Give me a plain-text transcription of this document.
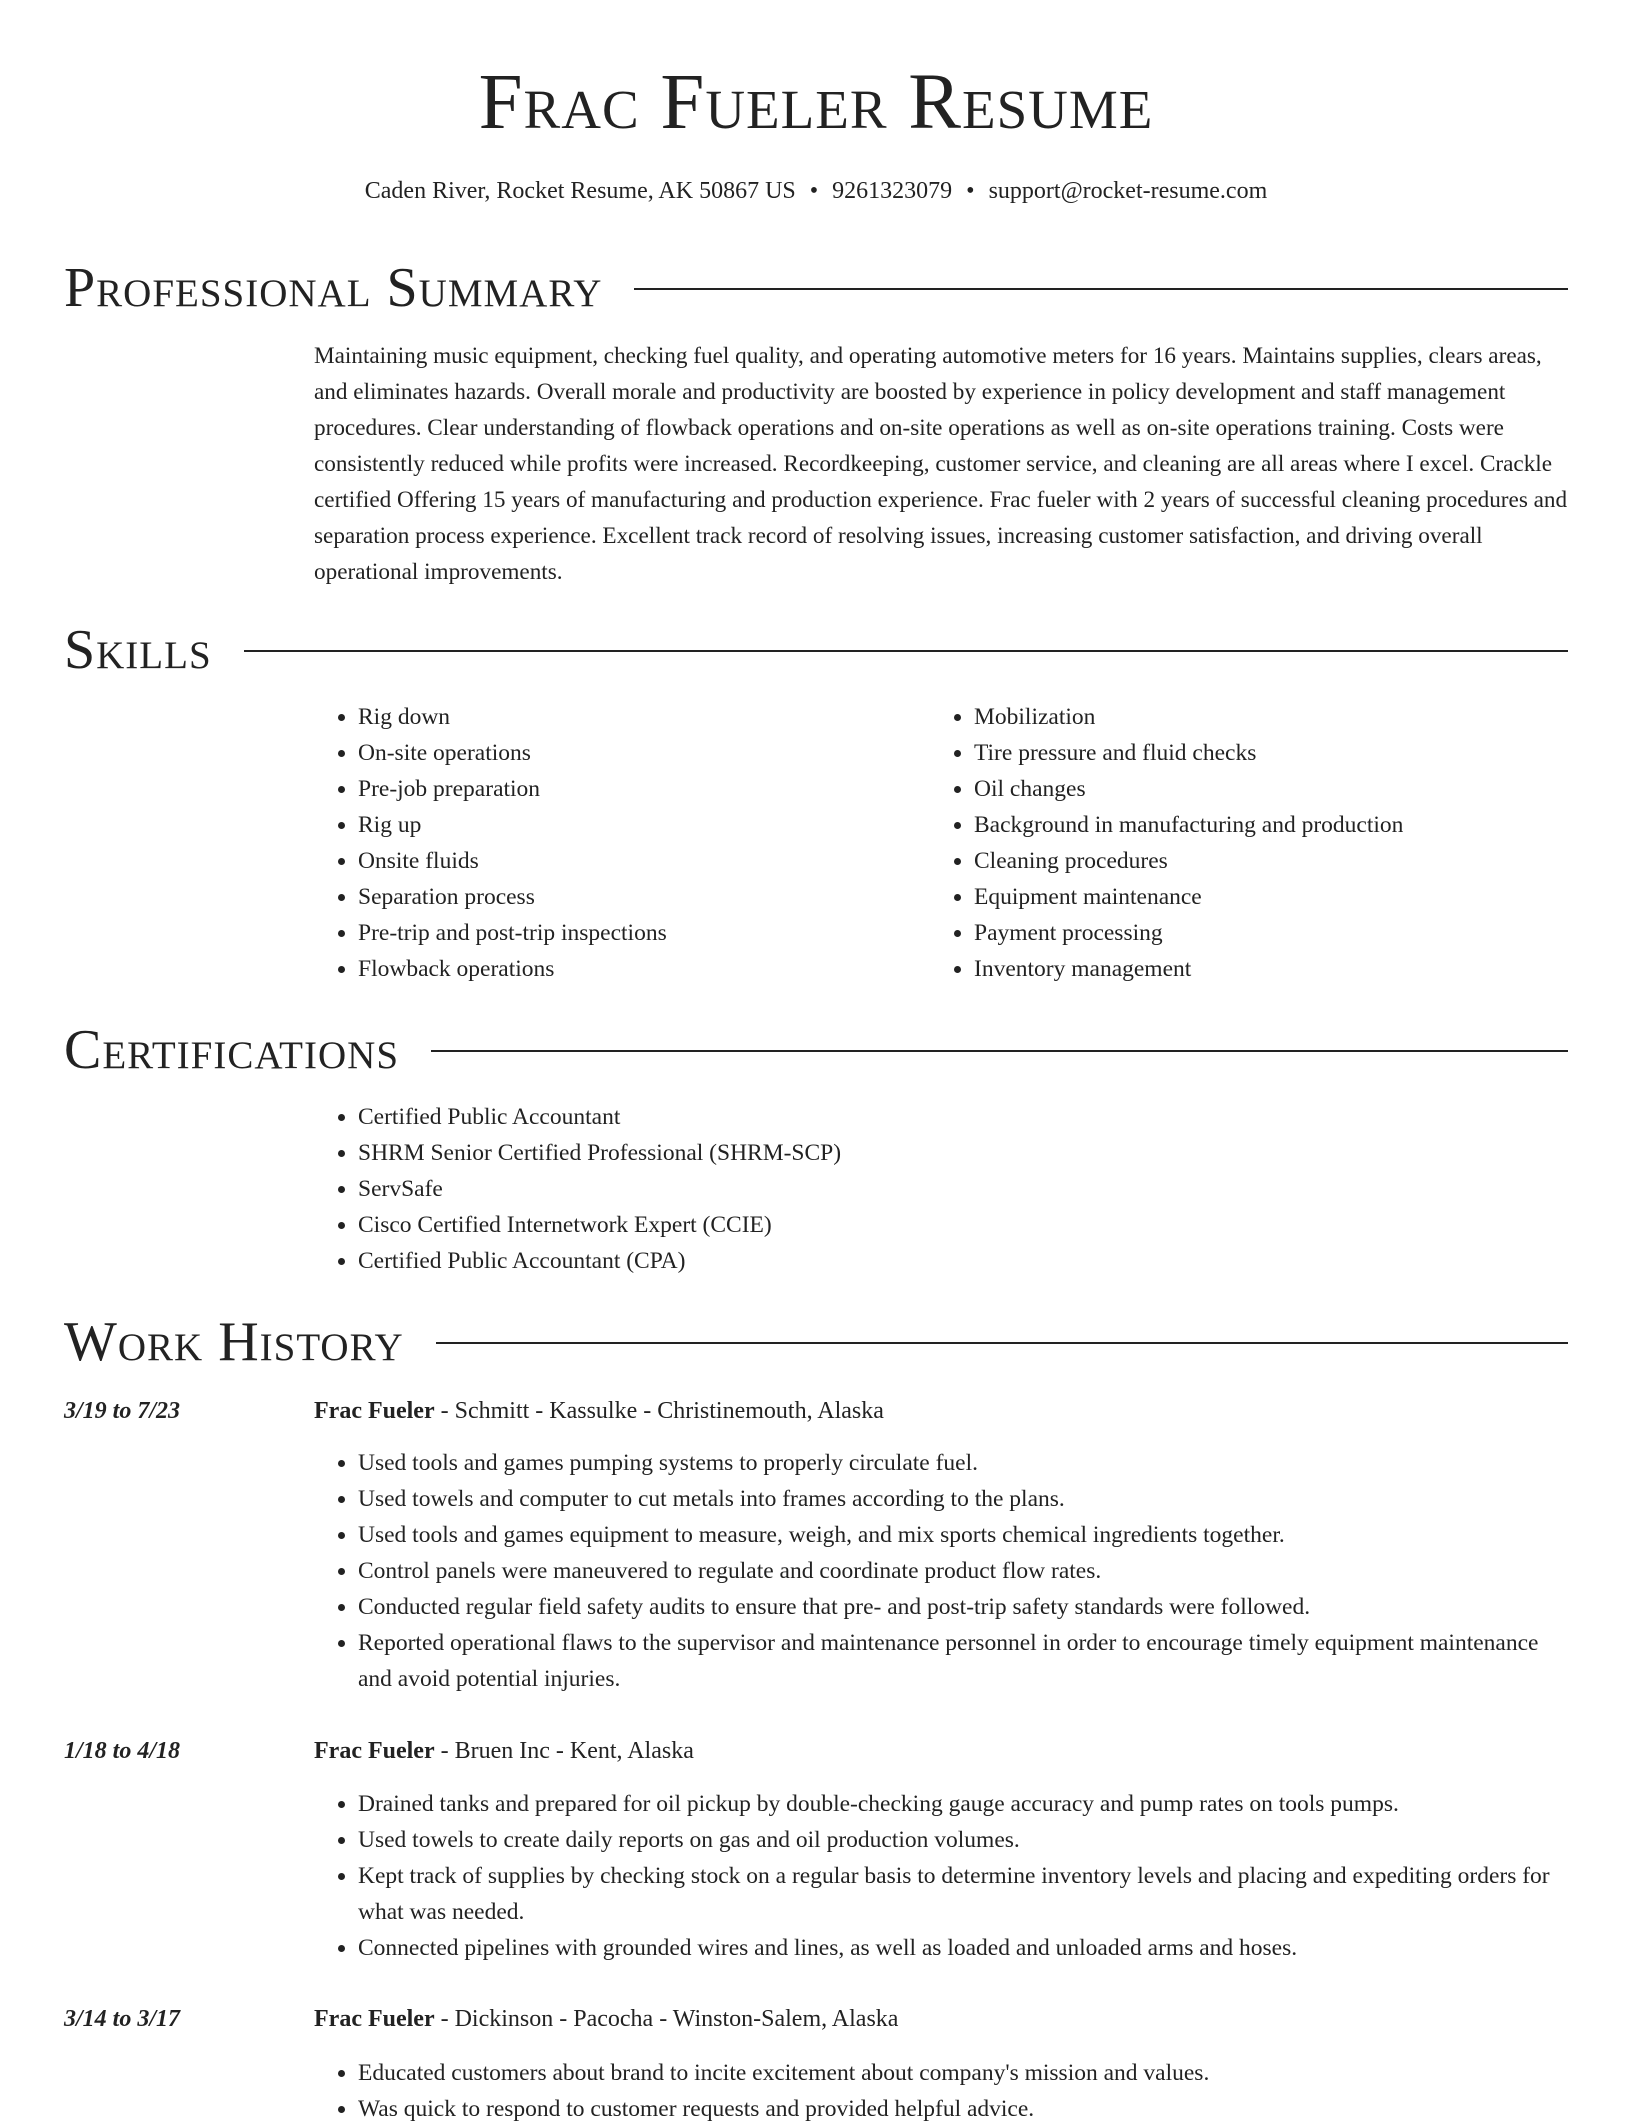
Frac Fueler Resume
Caden River, Rocket Resume, AK 50867 US • 9261323079 • support@rocket-resume.com
Professional Summary

Maintaining music equipment, checking fuel quality, and operating automotive meters for 16 years. Maintains supplies, clears areas, and eliminates hazards. Overall morale and productivity are boosted by experience in policy development and staff management procedures. Clear understanding of flowback operations and on-site operations as well as on-site operations training. Costs were consistently reduced while profits were increased. Recordkeeping, customer service, and cleaning are all areas where I excel. Crackle certified Offering 15 years of manufacturing and production experience. Frac fueler with 2 years of successful cleaning procedures and separation process experience. Excellent track record of resolving issues, increasing customer satisfaction, and driving overall operational improvements.

Skills
• Rig down
• On-site operations
• Pre-job preparation
• Rig up
• Onsite fluids
• Separation process
• Pre-trip and post-trip inspections
• Flowback operations
• Mobilization
• Tire pressure and fluid checks
• Oil changes
• Background in manufacturing and production
• Cleaning procedures
• Equipment maintenance
• Payment processing
• Inventory management
Certifications
• Certified Public Accountant
• SHRM Senior Certified Professional (SHRM-SCP)
• ServSafe
• Cisco Certified Internetwork Expert (CCIE)
• Certified Public Accountant (CPA)
Work History
3/19 to 7/23	Frac Fueler - Schmitt - Kassulke - Christinemouth, Alaska
• Used tools and games pumping systems to properly circulate fuel.
• Used towels and computer to cut metals into frames according to the plans.
• Used tools and games equipment to measure, weigh, and mix sports chemical ingredients together.
• Control panels were maneuvered to regulate and coordinate product flow rates.
• Conducted regular field safety audits to ensure that pre- and post-trip safety standards were followed.
• Reported operational flaws to the supervisor and maintenance personnel in order to encourage timely equipment maintenance and avoid potential injuries.
1/18 to 4/18	Frac Fueler - Bruen Inc - Kent, Alaska
• Drained tanks and prepared for oil pickup by double-checking gauge accuracy and pump rates on tools pumps.
• Used towels to create daily reports on gas and oil production volumes.
• Kept track of supplies by checking stock on a regular basis to determine inventory levels and placing and expediting orders for what was needed.
• Connected pipelines with grounded wires and lines, as well as loaded and unloaded arms and hoses.
3/14 to 3/17	Frac Fueler - Dickinson - Pacocha - Winston-Salem, Alaska
• Educated customers about brand to incite excitement about company's mission and values.
• Was quick to respond to customer requests and provided helpful advice.
